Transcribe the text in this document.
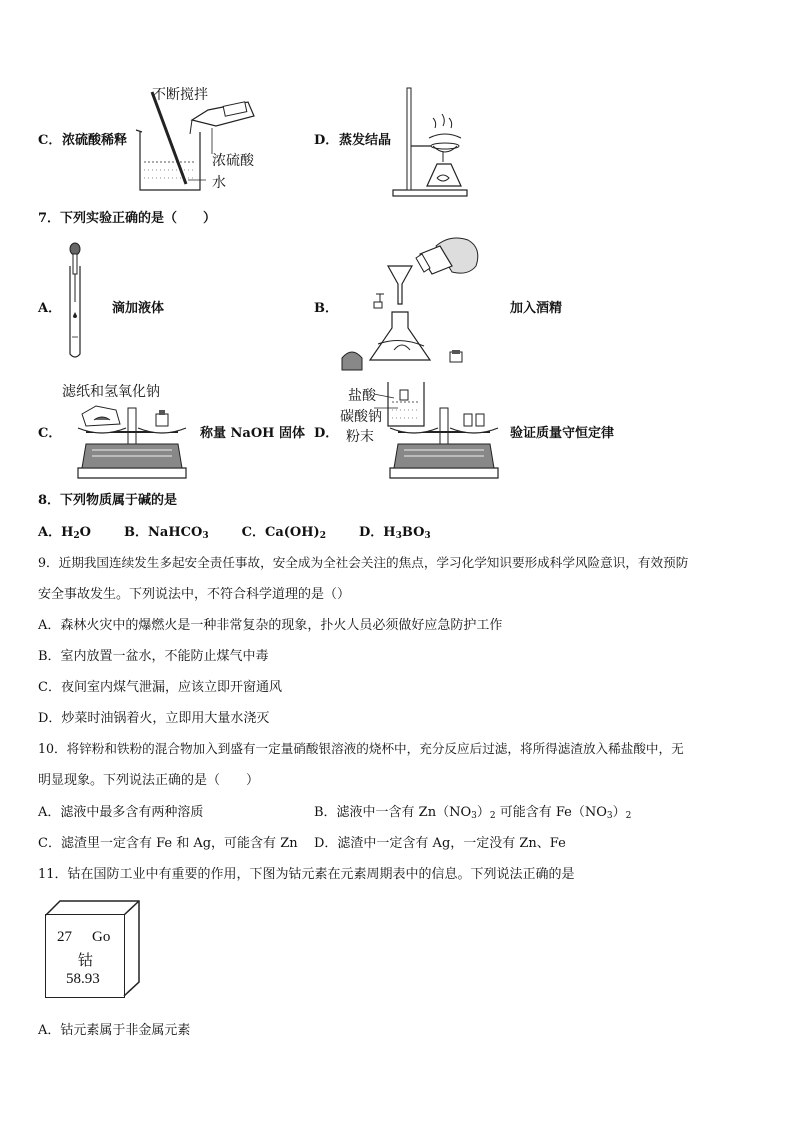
C． 浓硫酸稀释
不断搅拌
浓硫酸
水
D． 蒸发结晶
7．下列实验正确的是（　　）
A．	滴加液体	B．	加入酒精
滤纸和氢氧化钠
C．	称量 NaOH 固体 D．
盐酸
碳酸钠
粉末	验证质量守恒定律
8．下列物质属于碱的是
A．$H_2O$	B．NaHCO$_3$	C．$Ca(OH)_2$	D．$H_3BO_3$
9．近期我国连续发生多起安全责任事故，安全成为全社会关注的焦点，学习化学知识要形成科学风险意识，有效预防
安全事故发生。下列说法中，不符合科学道理的是（）
A．森林火灾中的爆燃火是一种非常复杂的现象，扑火人员必须做好应急防护工作
B．室内放置一盆水，不能防止煤气中毒
C．夜间室内煤气泄漏，应该立即开窗通风
D．炒菜时油锅着火，立即用大量水浇灭
10．将锌粉和铁粉的混合物加入到盛有一定量硝酸银溶液的烧杯中，充分反应后过滤，将所得滤渣放入稀盐酸中，无
明显现象。下列说法正确的是（　　）
A．滤液中最多含有两种溶质	B．滤液中一含有 $Zn(NO_3)_2$ 可能含有 $Fe(NO_3)_2$
C．滤渣里一定含有 Fe 和 Ag，可能含有 Zn D．滤渣中一定含有 Ag，一定没有 Zn、Fe
11．钴在国防工业中有重要的作用，下图为钴元素在元素周期表中的信息。下列说法正确的是
27 Go
钴
58.93
A．钴元素属于非金属元素
